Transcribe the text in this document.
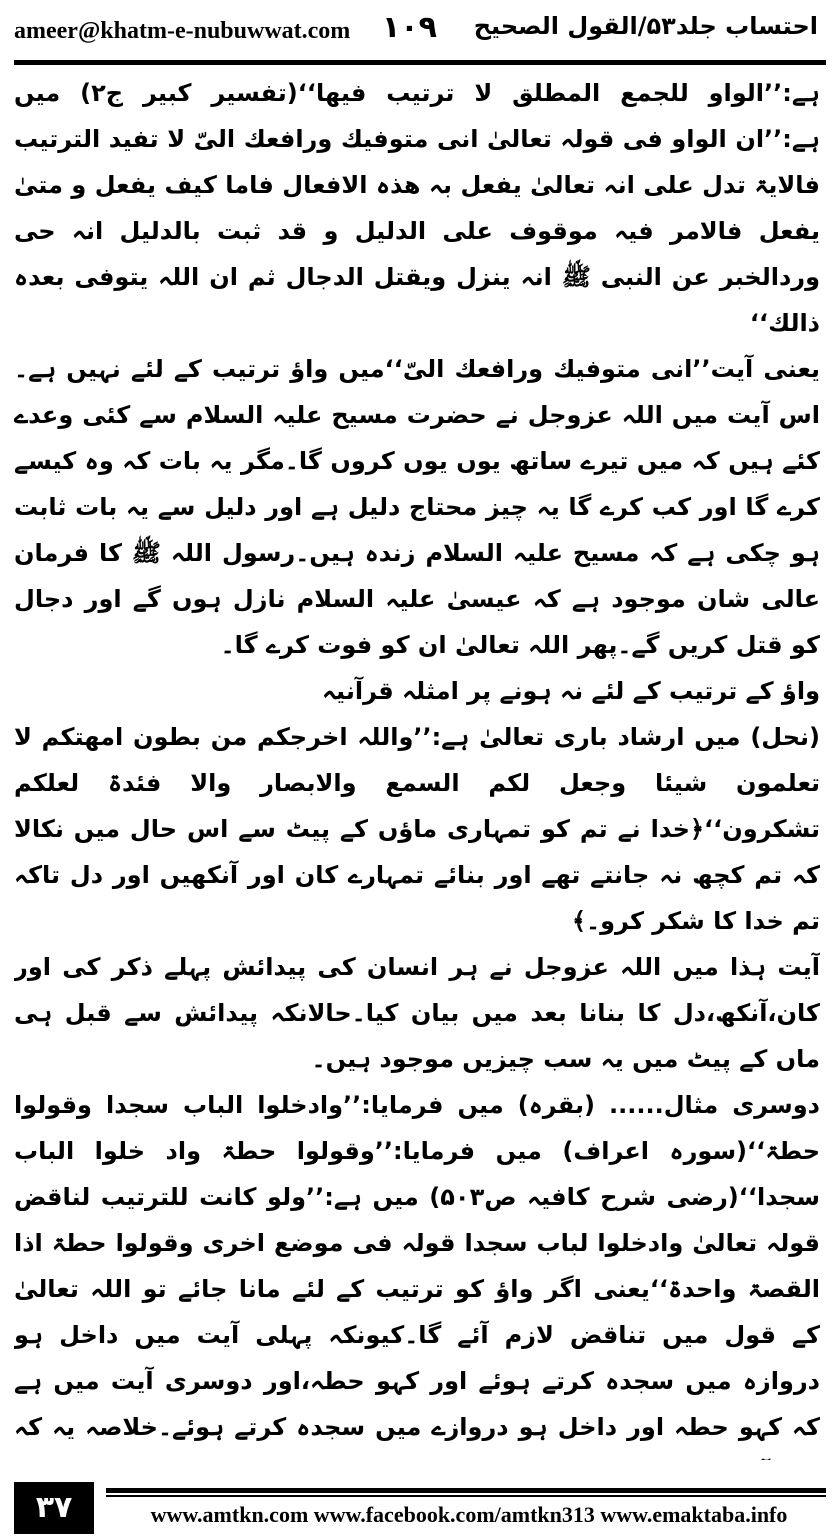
ameer@khatm-e-nubuwwat.com ١٠٩ احتساب جلد۵۳/القول الصحیح

ہے:’’الواو للجمع المطلق لا ترتیب فیھا‘‘(تفسیر کبیر ج۲) میں ہے:’’ان الواو فی قولہ تعالیٰ انی متوفیك ورافعك الیّ لا تفید الترتیب فالایۃ تدل علی انہ تعالیٰ یفعل بہ ھذہ الافعال فاما کیف یفعل و متیٰ یفعل فالامر فیہ موقوف علی الدلیل و قد ثبت بالدلیل انہ حی وردالخبر عن النبی ﷺ انہ ینزل ویقتل الدجال ثم ان اللہ یتوفی بعدہ ذالك‘‘

یعنی آیت’’انی متوفیك ورافعك الیّ‘‘میں واؤ ترتیب کے لئے نہیں ہے۔اس آیت میں اللہ عزوجل نے حضرت مسیح علیہ السلام سے کئی وعدے کئے ہیں کہ میں تیرے ساتھ یوں یوں کروں گا۔مگر یہ بات کہ وہ کیسے کرے گا اور کب کرے گا یہ چیز محتاج دلیل ہے اور دلیل سے یہ بات ثابت ہو چکی ہے کہ مسیح علیہ السلام زندہ ہیں۔رسول اللہ ﷺ کا فرمان عالی شان موجود ہے کہ عیسیٰ علیہ السلام نازل ہوں گے اور دجال کو قتل کریں گے۔پھر اللہ تعالیٰ ان کو فوت کرے گا۔

واؤ کے ترتیب کے لئے نہ ہونے پر امثلہ قرآنیہ

(نحل) میں ارشاد باری تعالیٰ ہے:’’واللہ اخرجکم من بطون امھتکم لا تعلمون شیئا وجعل لکم السمع والابصار والا فئدۃ لعلکم تشکرون‘‘﴿خدا نے تم کو تمہاری ماؤں کے پیٹ سے اس حال میں نکالا کہ تم کچھ نہ جانتے تھے اور بنائے تمہارے کان اور آنکھیں اور دل تاکہ تم خدا کا شکر کرو۔﴾

آیت ہذا میں اللہ عزوجل نے ہر انسان کی پیدائش پہلے ذکر کی اور کان،آنکھ،دل کا بنانا بعد میں بیان کیا۔حالانکہ پیدائش سے قبل ہی ماں کے پیٹ میں یہ سب چیزیں موجود ہیں۔

دوسری مثال...... (بقرہ) میں فرمایا:’’وادخلوا الباب سجدا وقولوا حطۃ‘‘(سورہ اعراف) میں فرمایا:’’وقولوا حطۃ واد خلوا الباب سجدا‘‘(رضی شرح کافیہ ص۵۰۳) میں ہے:’’ولو کانت للترتیب لناقض قولہ تعالیٰ وادخلوا لباب سجدا قولہ فی موضع اخری وقولوا حطۃ اذا القصۃ واحدۃ‘‘یعنی اگر واؤ کو ترتیب کے لئے مانا جائے تو اللہ تعالیٰ کے قول میں تناقض لازم آئے گا۔کیونکہ پہلی آیت میں داخل ہو دروازہ میں سجدہ کرتے ہوئے اور کہو حطہ،اور دوسری آیت میں ہے کہ کہو حطہ اور داخل ہو دروازے میں سجدہ کرتے ہوئے۔خلاصہ یہ کہ

۳۷	www.amtkn.com www.facebook.com/amtkn313 www.emaktaba.info
